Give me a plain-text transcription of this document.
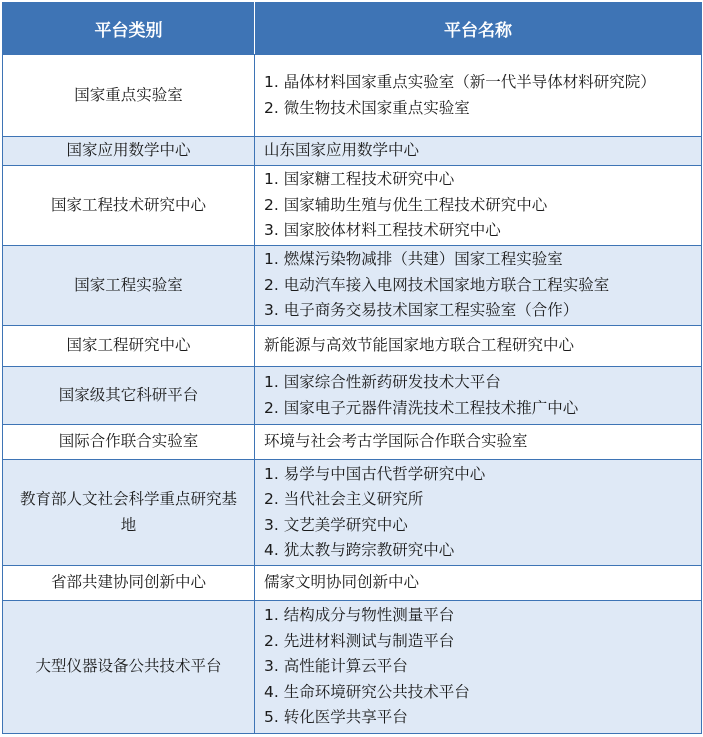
平台类别	平台名称
国家重点实验室	1. 晶体材料国家重点实验室（新一代半导体材料研究院）
2. 微生物技术国家重点实验室

国家应用数学中心	山东国家应用数学中心

国家工程技术研究中心	1. 国家糖工程技术研究中心
2. 国家辅助生殖与优生工程技术研究中心
3. 国家胶体材料工程技术研究中心

国家工程实验室	1. 燃煤污染物减排（共建）国家工程实验室
2. 电动汽车接入电网技术国家地方联合工程实验室
3. 电子商务交易技术国家工程实验室（合作）

国家工程研究中心	新能源与高效节能国家地方联合工程研究中心

国家级其它科研平台	1. 国家综合性新药研发技术大平台
2. 国家电子元器件清洗技术工程技术推广中心

国际合作联合实验室	环境与社会考古学国际合作联合实验室

教育部人文社会科学重点研究基地	1. 易学与中国古代哲学研究中心
2. 当代社会主义研究所
3. 文艺美学研究中心
4. 犹太教与跨宗教研究中心

省部共建协同创新中心	儒家文明协同创新中心

大型仪器设备公共技术平台	1. 结构成分与物性测量平台
2. 先进材料测试与制造平台
3. 高性能计算云平台
4. 生命环境研究公共技术平台
5. 转化医学共享平台
